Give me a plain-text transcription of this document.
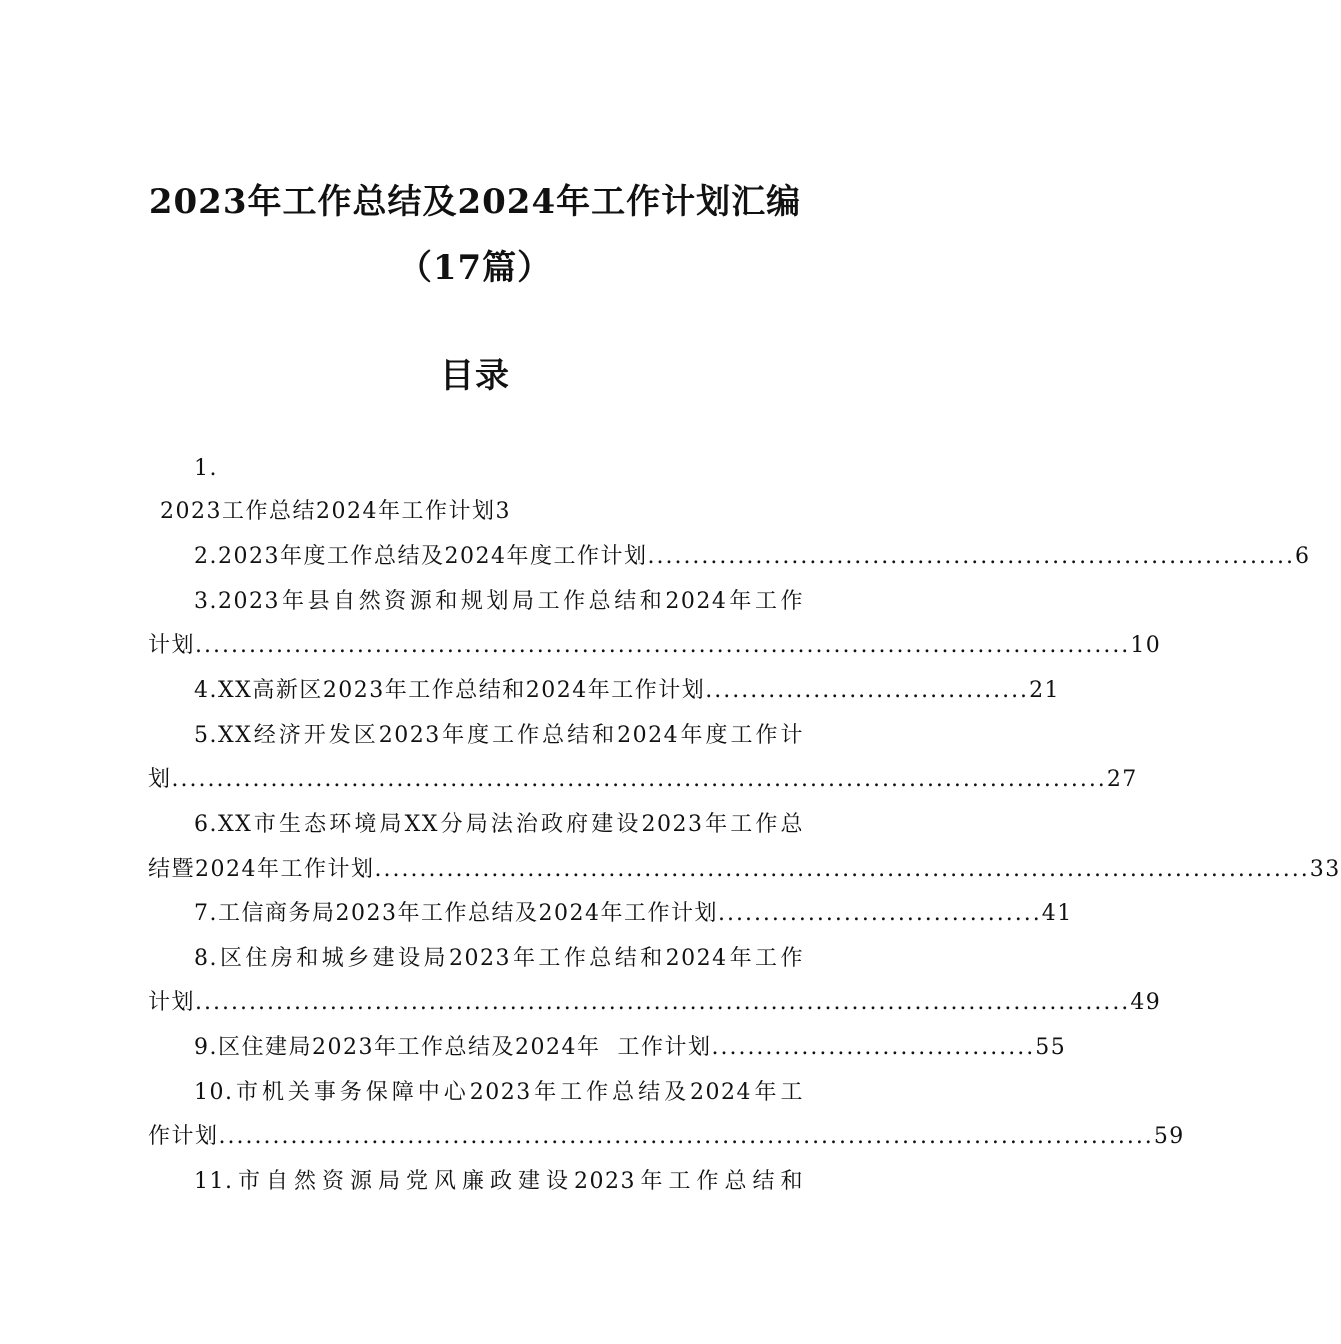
2023年工作总结及2024年工作计划汇编
（17篇）
目录
1.
2023工作总结2024年工作计划3
2.2023年度工作总结及2024年度工作计划 ........................................................................ 6
3.2023年县自然资源和规划局工作总结和2024年工作
计划 ........................................................................................................ 10
4.XX高新区2023年工作总结和2024年工作计划 .................................... 21
5.XX经济开发区2023年度工作总结和2024年度工作计
划 ........................................................................................................ 27
6.XX市生态环境局XX分局法治政府建设2023年工作总
结暨2024年工作计划 ........................................................................................................ 33
7.工信商务局2023年工作总结及2024年工作计划 .................................... 41
8.区住房和城乡建设局2023年工作总结和2024年工作
计划 ........................................................................................................ 49
9.区住建局2023年工作总结及2024年  工作计划 .................................... 55
10.市机关事务保障中心2023年工作总结及2024年工
作计划 ........................................................................................................ 59
11.市自然资源局党风廉政建设2023年工作总结和
